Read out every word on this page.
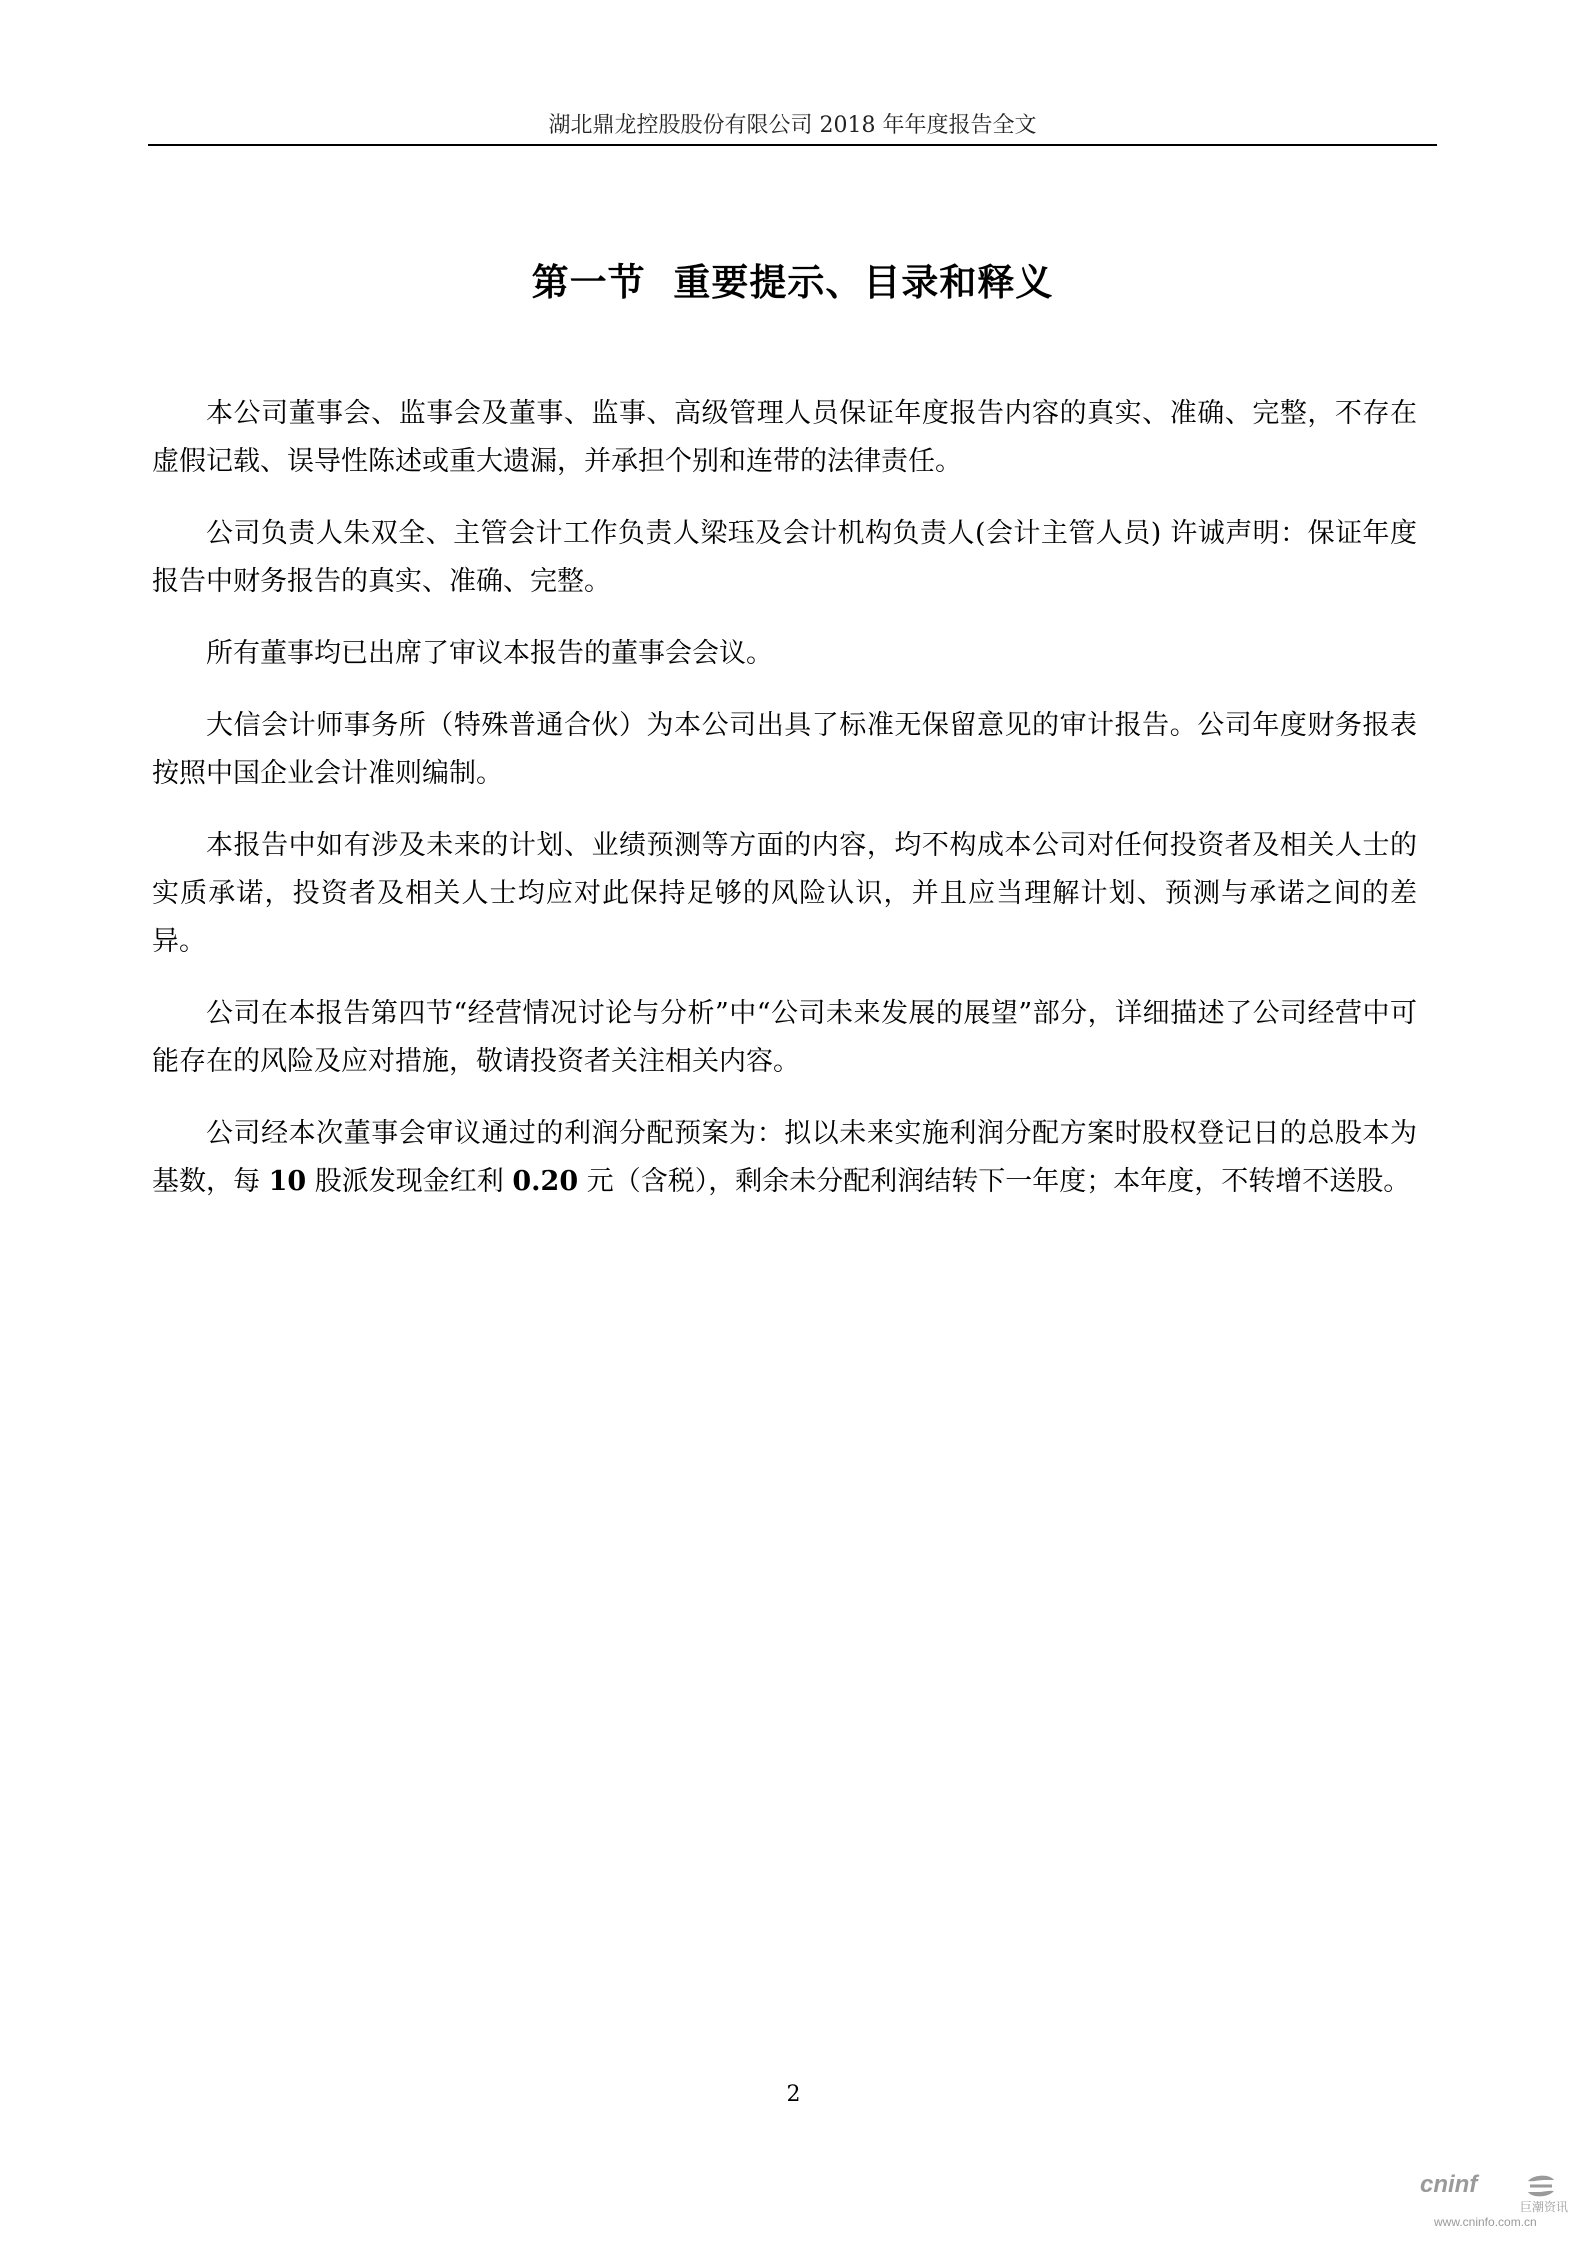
湖北鼎龙控股股份有限公司 2018 年年度报告全文
第一节  重要提示、目录和释义

本公司董事会、监事会及董事、监事、高级管理人员保证年度报告内容的真实、准确、完整，不存在虚假记载、误导性陈述或重大遗漏，并承担个别和连带的法律责任。

公司负责人朱双全、主管会计工作负责人梁珏及会计机构负责人(会计主管人员) 许诚声明：保证年度报告中财务报告的真实、准确、完整。

所有董事均已出席了审议本报告的董事会会议。

大信会计师事务所（特殊普通合伙）为本公司出具了标准无保留意见的审计报告。公司年度财务报表按照中国企业会计准则编制。

本报告中如有涉及未来的计划、业绩预测等方面的内容，均不构成本公司对任何投资者及相关人士的实质承诺，投资者及相关人士均应对此保持足够的风险认识，并且应当理解计划、预测与承诺之间的差异。

公司在本报告第四节“经营情况讨论与分析”中“公司未来发展的展望”部分，详细描述了公司经营中可能存在的风险及应对措施，敬请投资者关注相关内容。

公司经本次董事会审议通过的利润分配预案为：拟以未来实施利润分配方案时股权登记日的总股本为基数，每 10 股派发现金红利 0.20 元（含税），剩余未分配利润结转下一年度；本年度，不转增不送股。

2
cninf
巨潮资讯
www.cninfo.com.cn
